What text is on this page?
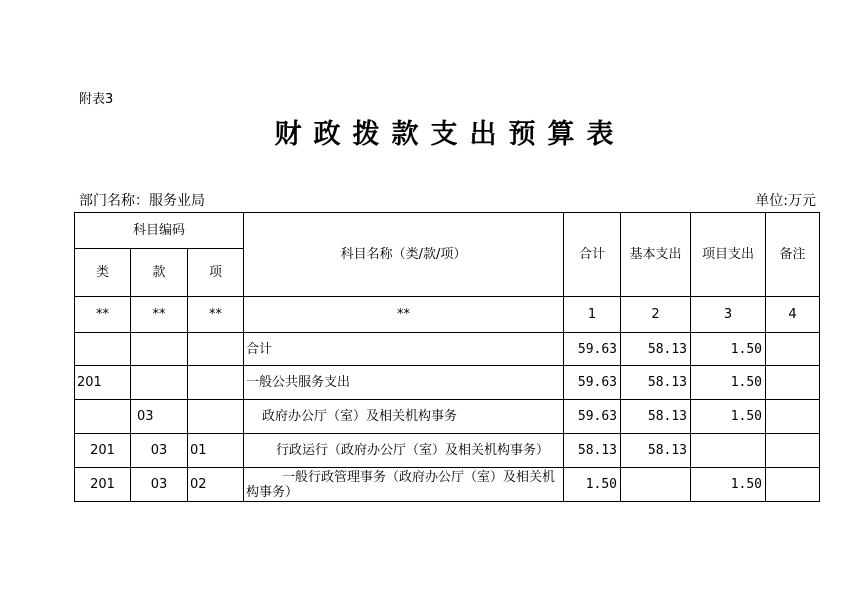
附表3
财政拨款支出预算表
部门名称：服务业局	单位:万元
科目编码			科目名称（类/款/项）	合计	基本支出	项目支出	备注
类	款	项					
**	**	**	**	1	2	3	4
			合计	59.63	58.13	1.50	
201			一般公共服务支出	59.63	58.13	1.50	
	03		政府办公厅（室）及相关机构事务	59.63	58.13	1.50	
201	03	01	行政运行（政府办公厅（室）及相关机构事务）	58.13	58.13		
201	03	02	一般行政管理事务（政府办公厅（室）及相关机构事务）	1.50		1.50	
